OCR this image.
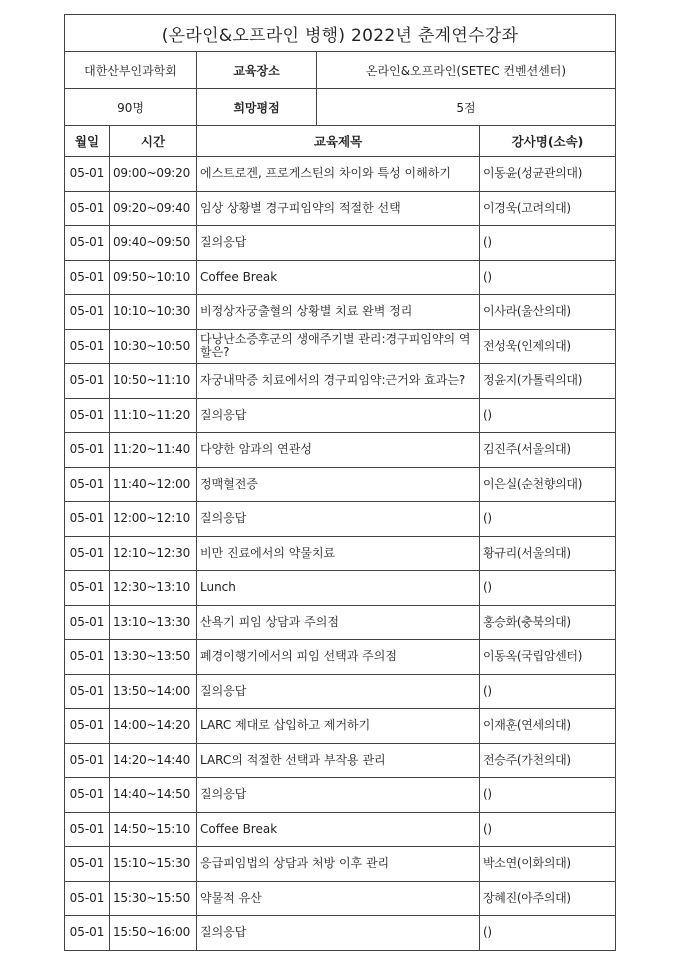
(온라인&오프라인 병행) 2022년 춘계연수강좌			
대한산부인과학회		교육장소 온라인&오프라인(SETEC 컨벤션센터)	

90명		희망평점 5점	

월일	시간	교육제목	강사명(소속)
05-01	09:00~09:20	에스트로겐, 프로게스틴의 차이와 특성 이해하기	이동윤(성균관의대)
05-01	09:20~09:40	임상 상황별 경구피임약의 적절한 선택	이경욱(고려의대)
05-01	09:40~09:50	질의응답	()
05-01	09:50~10:10	Coffee Break	()
05-01	10:10~10:30	비정상자궁출혈의 상황별 치료 완벽 정리	이사라(울산의대)
05-01	10:30~10:50	다낭난소증후군의 생애주기별 관리:경구피임약의 역할은?	전성욱(인제의대)
05-01	10:50~11:10	자궁내막증 치료에서의 경구피임약:근거와 효과는?	정윤지(가톨릭의대)
05-01	11:10~11:20	질의응답	()
05-01	11:20~11:40	다양한 암과의 연관성	김진주(서울의대)
05-01	11:40~12:00	정맥혈전증	이은실(순천향의대)
05-01	12:00~12:10	질의응답	()
05-01	12:10~12:30	비만 진료에서의 약물치료	황규리(서울의대)
05-01	12:30~13:10	Lunch	()
05-01	13:10~13:30	산욕기 피임 상담과 주의점	홍승화(충북의대)
05-01	13:30~13:50	폐경이행기에서의 피임 선택과 주의점	이동옥(국립암센터)
05-01	13:50~14:00	질의응답	()
05-01	14:00~14:20	LARC 제대로 삽입하고 제거하기	이재훈(연세의대)
05-01	14:20~14:40	LARC의 적절한 선택과 부작용 관리	전승주(가천의대)
05-01	14:40~14:50	질의응답	()
05-01	14:50~15:10	Coffee Break	()
05-01	15:10~15:30	응급피임법의 상담과 처방 이후 관리	박소연(이화의대)
05-01	15:30~15:50	약물적 유산	장혜진(아주의대)
05-01	15:50~16:00	질의응답	()
